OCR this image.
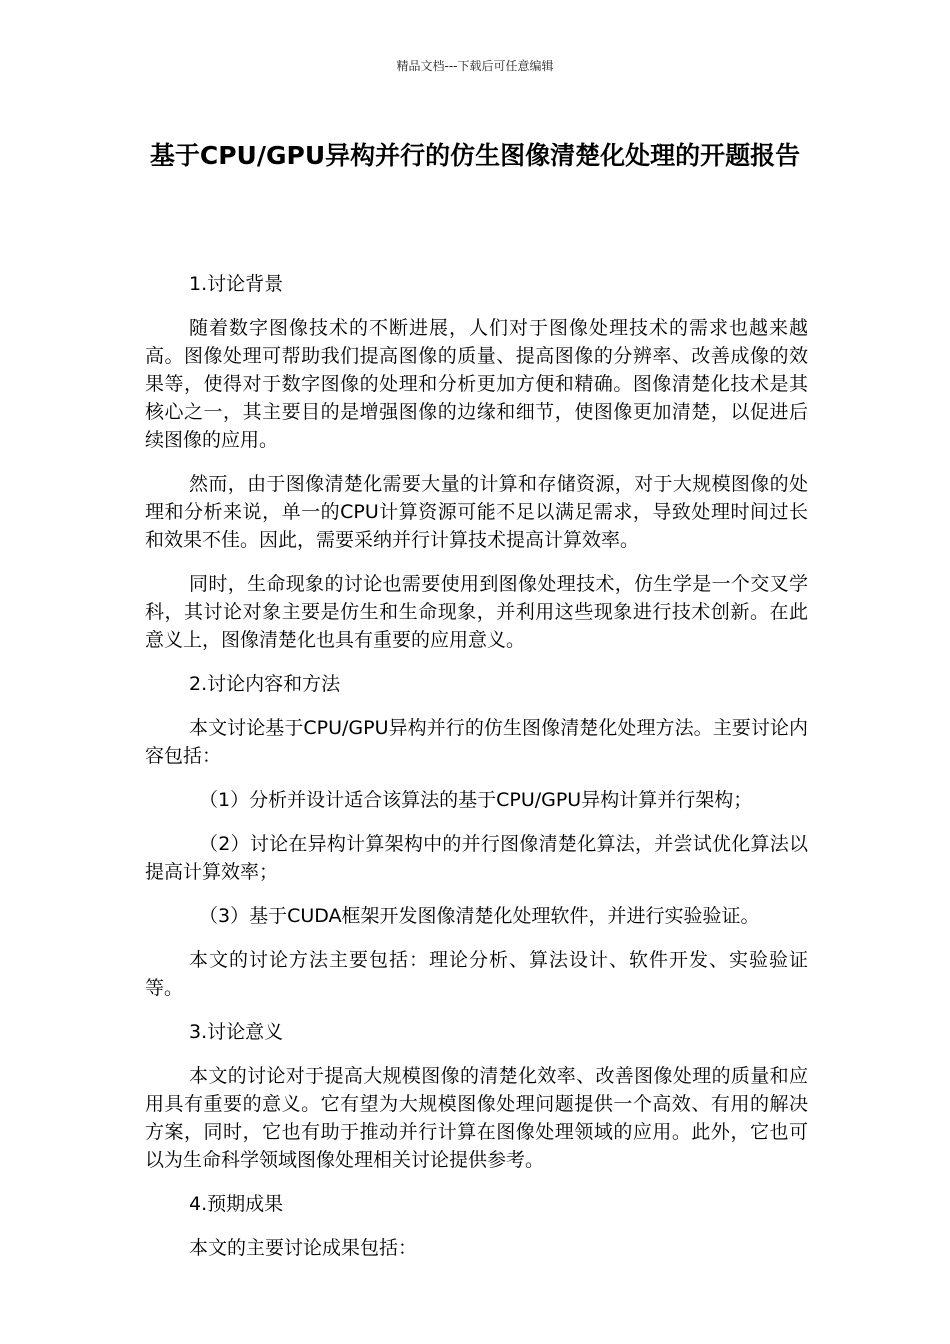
精品文档---下载后可任意编辑
基于CPU/GPU异构并行的仿生图像清楚化处理的开题报告

1.讨论背景

随着数字图像技术的不断进展，人们对于图像处理技术的需求也越来越高。图像处理可帮助我们提高图像的质量、提高图像的分辨率、改善成像的效果等，使得对于数字图像的处理和分析更加方便和精确。图像清楚化技术是其核心之一，其主要目的是增强图像的边缘和细节，使图像更加清楚，以促进后续图像的应用。

然而，由于图像清楚化需要大量的计算和存储资源，对于大规模图像的处理和分析来说，单一的CPU计算资源可能不足以满足需求，导致处理时间过长和效果不佳。因此，需要采纳并行计算技术提高计算效率。

同时，生命现象的讨论也需要使用到图像处理技术，仿生学是一个交叉学科，其讨论对象主要是仿生和生命现象，并利用这些现象进行技术创新。在此意义上，图像清楚化也具有重要的应用意义。

2.讨论内容和方法

本文讨论基于CPU/GPU异构并行的仿生图像清楚化处理方法。主要讨论内容包括：

（1）分析并设计适合该算法的基于CPU/GPU异构计算并行架构；

（2）讨论在异构计算架构中的并行图像清楚化算法，并尝试优化算法以提高计算效率；

（3）基于CUDA框架开发图像清楚化处理软件，并进行实验验证。

本文的讨论方法主要包括：理论分析、算法设计、软件开发、实验验证等。

3.讨论意义

本文的讨论对于提高大规模图像的清楚化效率、改善图像处理的质量和应用具有重要的意义。它有望为大规模图像处理问题提供一个高效、有用的解决方案，同时，它也有助于推动并行计算在图像处理领域的应用。此外，它也可以为生命科学领域图像处理相关讨论提供参考。

4.预期成果

本文的主要讨论成果包括：
